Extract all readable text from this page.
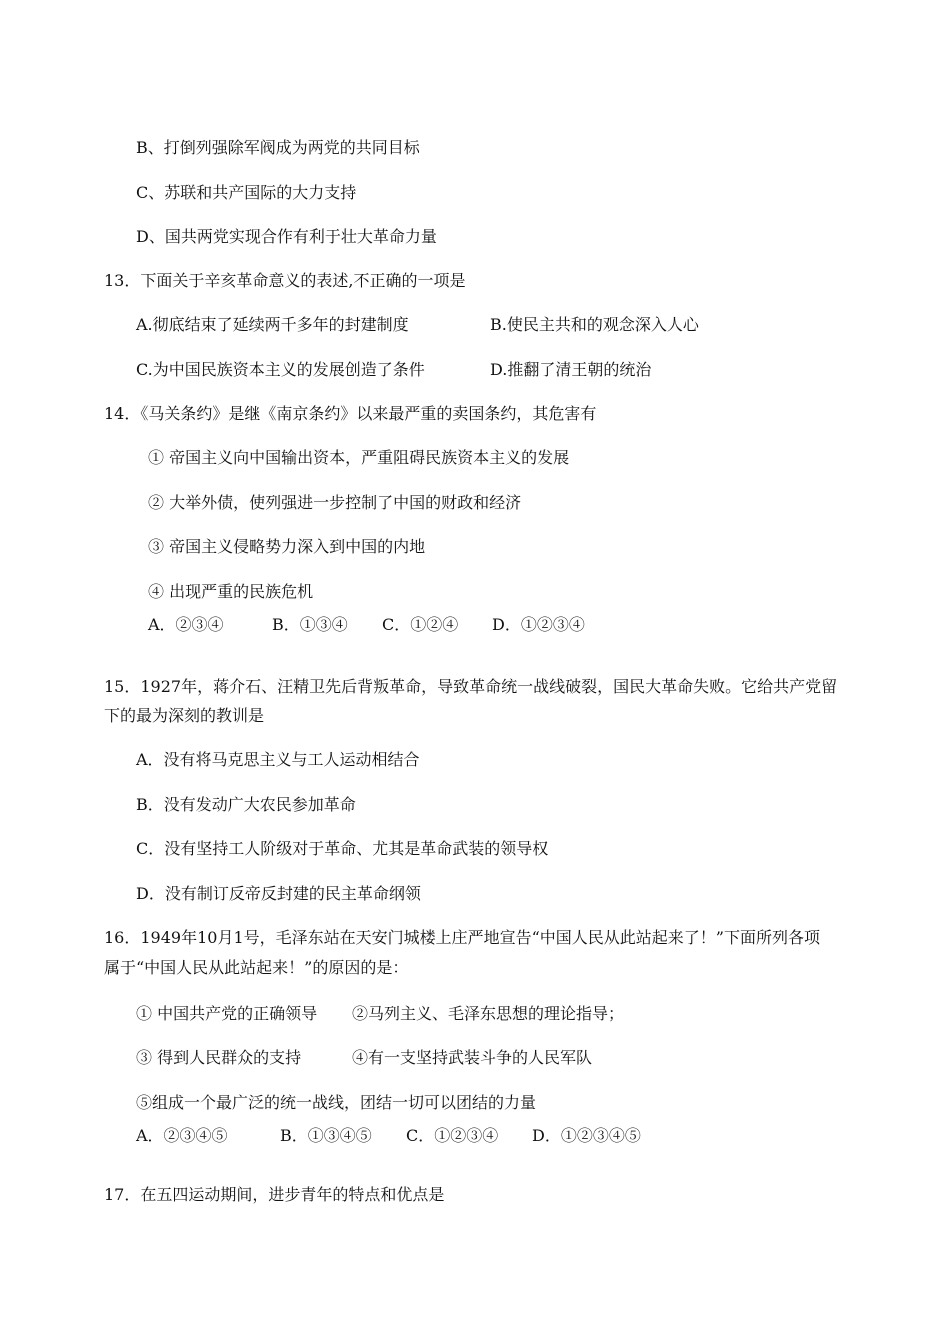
B、打倒列强除军阀成为两党的共同目标
C、苏联和共产国际的大力支持
D、国共两党实现合作有利于壮大革命力量
13．下面关于辛亥革命意义的表述,不正确的一项是
A.彻底结束了延续两千多年的封建制度	B.使民主共和的观念深入人心
C.为中国民族资本主义的发展创造了条件	D.推翻了清王朝的统治
14．《马关条约》是继《南京条约》以来最严重的卖国条约，其危害有
① 帝国主义向中国输出资本，严重阻碍民族资本主义的发展
② 大举外债，使列强进一步控制了中国的财政和经济
③ 帝国主义侵略势力深入到中国的内地
④ 出现严重的民族危机
A．②③④	B．①③④ C．①②④ D．①②③④
15．1927年，蒋介石、汪精卫先后背叛革命，导致革命统一战线破裂，国民大革命失败。它给共产党留
下的最为深刻的教训是
A．没有将马克思主义与工人运动相结合
B．没有发动广大农民参加革命
C．没有坚持工人阶级对于革命、尤其是革命武装的领导权
D．没有制订反帝反封建的民主革命纲领
16．1949年10月1号，毛泽东站在天安门城楼上庄严地宣告“中国人民从此站起来了！”下面所列各项
属于“中国人民从此站起来！”的原因的是：
① 中国共产党的正确领导 ②马列主义、毛泽东思想的理论指导；
③ 得到人民群众的支持	④有一支坚持武装斗争的人民军队
⑤组成一个最广泛的统一战线，团结一切可以团结的力量
A．②③④⑤	B．①③④⑤ C．①②③④ D．①②③④⑤
17．在五四运动期间，进步青年的特点和优点是
